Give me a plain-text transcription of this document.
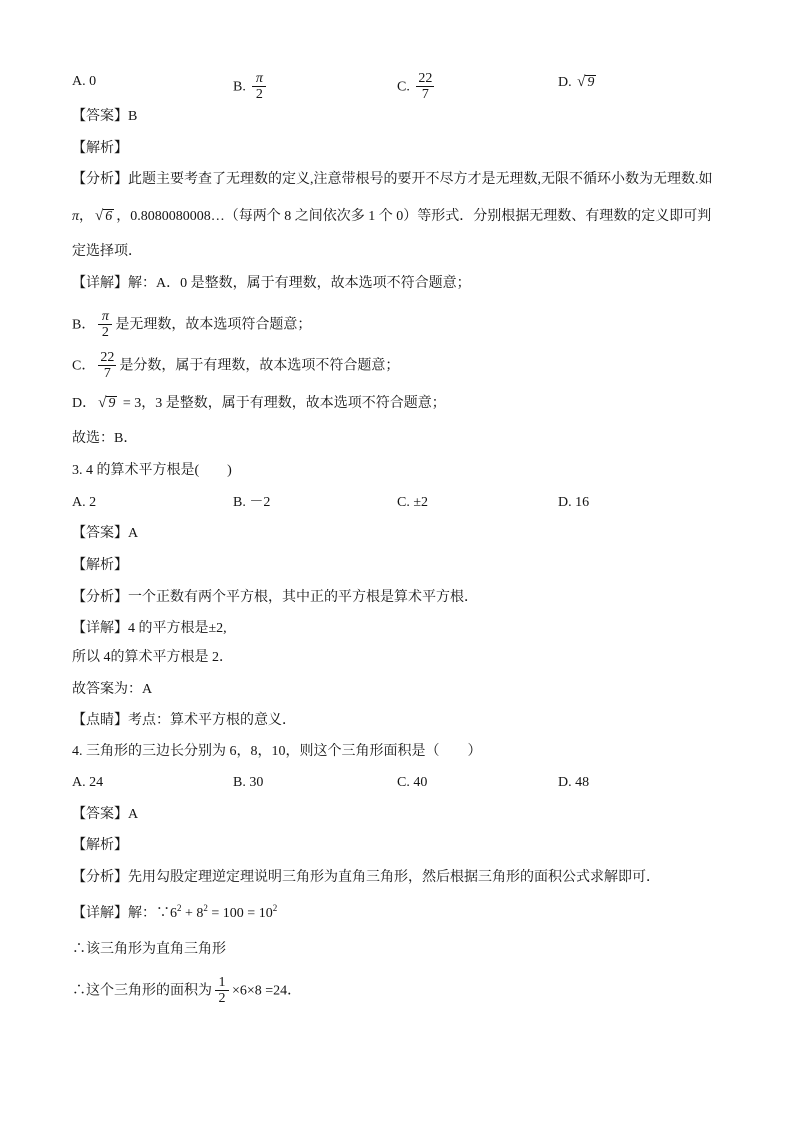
A. 0	B. $\frac{\pi}{2}$	C. $\frac{22}{7}$	D. √ 9
【答案】B
【解析】
【分析】此题主要考查了无理数的定义,注意带根号的要开不尽方才是无理数,无限不循环小数为无理数.如
π， √ 6 ，0.8080080008…（每两个 8 之间依次多 1 个 0）等形式．分别根据无理数、有理数的定义即可判
定选择项．
【详解】解：A．0 是整数，属于有理数，故本选项不符合题意；
B． $\frac{\pi}{2}$ 是无理数，故本选项符合题意；
C． $\frac{22}{7}$ 是分数，属于有理数，故本选项不符合题意；
D． √ 9 = 3，3 是整数，属于有理数，故本选项不符合题意；
故选：B．
3. 4 的算术平方根是(　　)
A. 2	B. －2	C. ±2	D. 16
【答案】A
【解析】
【分析】一个正数有两个平方根，其中正的平方根是算术平方根．
【详解】4 的平方根是±2,
所以 4的算术平方根是 2．
故答案为：A
【点睛】考点：算术平方根的意义．
4. 三角形的三边长分别为 6，8，10，则这个三角形面积是（　　）
A. 24	B. 30	C. 40	D. 48
【答案】A
【解析】
【分析】先用勾股定理逆定理说明三角形为直角三角形，然后根据三角形的面积公式求解即可．
【详解】解：$\because 6^2 + 8^2 = 100 = 10^2$
∴该三角形为直角三角形
∴这个三角形的面积为 $\frac{1}{2} \times 6\times 8 =24$．
